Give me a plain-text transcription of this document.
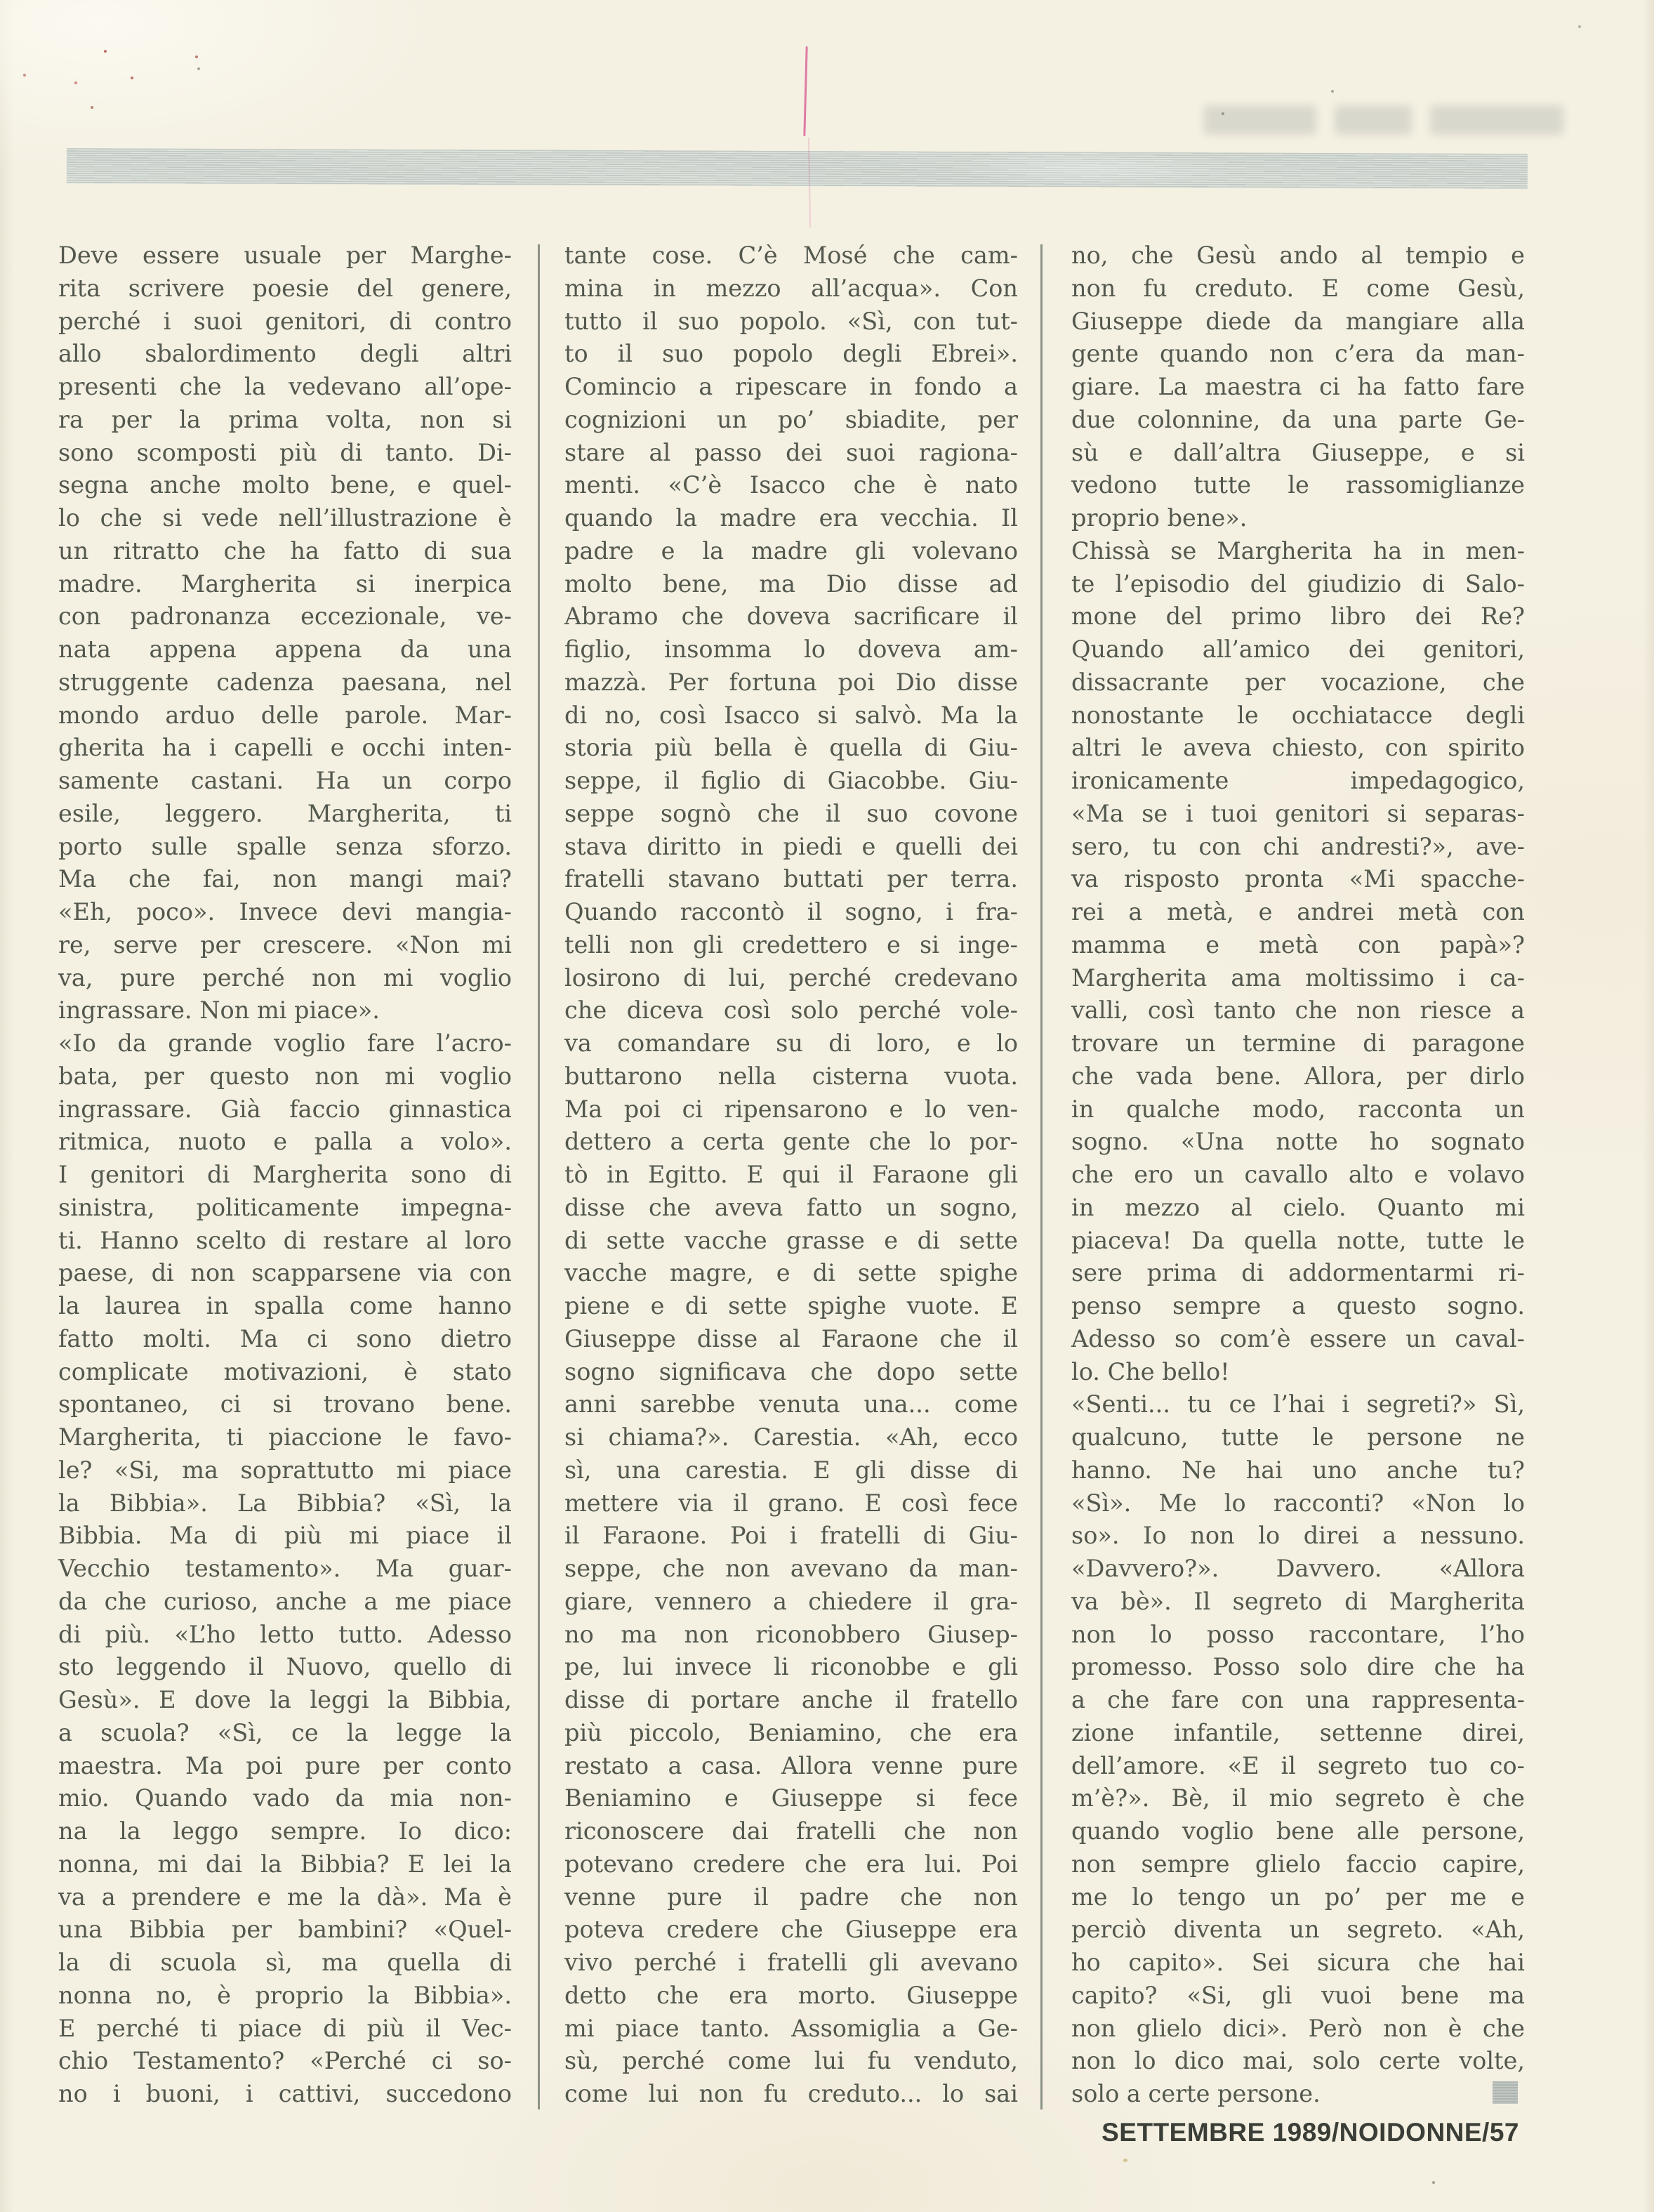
Deve essere usuale per Marghe-
rita scrivere poesie del genere,
perché i suoi genitori, di contro
allo sbalordimento degli altri
presenti che la vedevano all’ope-
ra per la prima volta, non si
sono scomposti più di tanto. Di-
segna anche molto bene, e quel-
lo che si vede nell’illustrazione è
un ritratto che ha fatto di sua
madre. Margherita si inerpica
con padronanza eccezionale, ve-
nata appena appena da una
struggente cadenza paesana, nel
mondo arduo delle parole. Mar-
gherita ha i capelli e occhi inten-
samente castani. Ha un corpo
esile, leggero. Margherita, ti
porto sulle spalle senza sforzo.
Ma che fai, non mangi mai?
«Eh, poco». Invece devi mangia-
re, serve per crescere. «Non mi
va, pure perché non mi voglio
ingrassare. Non mi piace».
«Io da grande voglio fare l’acro-
bata, per questo non mi voglio
ingrassare. Già faccio ginnastica
ritmica, nuoto e palla a volo».
I genitori di Margherita sono di
sinistra, politicamente impegna-
ti. Hanno scelto di restare al loro
paese, di non scapparsene via con
la laurea in spalla come hanno
fatto molti. Ma ci sono dietro
complicate motivazioni, è stato
spontaneo, ci si trovano bene.
Margherita, ti piaccione le favo-
le? «Si, ma soprattutto mi piace
la Bibbia». La Bibbia? «Sì, la
Bibbia. Ma di più mi piace il
Vecchio testamento». Ma guar-
da che curioso, anche a me piace
di più. «L’ho letto tutto. Adesso
sto leggendo il Nuovo, quello di
Gesù». E dove la leggi la Bibbia,
a scuola? «Sì, ce la legge la
maestra. Ma poi pure per conto
mio. Quando vado da mia non-
na la leggo sempre. Io dico:
nonna, mi dai la Bibbia? E lei la
va a prendere e me la dà». Ma è
una Bibbia per bambini? «Quel-
la di scuola sì, ma quella di
nonna no, è proprio la Bibbia».
E perché ti piace di più il Vec-
chio Testamento? «Perché ci so-
no i buoni, i cattivi, succedono
tante cose. C’è Mosé che cam-
mina in mezzo all’acqua». Con
tutto il suo popolo. «Sì, con tut-
to il suo popolo degli Ebrei».
Comincio a ripescare in fondo a
cognizioni un po’ sbiadite, per
stare al passo dei suoi ragiona-
menti. «C’è Isacco che è nato
quando la madre era vecchia. Il
padre e la madre gli volevano
molto bene, ma Dio disse ad
Abramo che doveva sacrificare il
figlio, insomma lo doveva am-
mazzà. Per fortuna poi Dio disse
di no, così Isacco si salvò. Ma la
storia più bella è quella di Giu-
seppe, il figlio di Giacobbe. Giu-
seppe sognò che il suo covone
stava diritto in piedi e quelli dei
fratelli stavano buttati per terra.
Quando raccontò il sogno, i fra-
telli non gli credettero e si inge-
losirono di lui, perché credevano
che diceva così solo perché vole-
va comandare su di loro, e lo
buttarono nella cisterna vuota.
Ma poi ci ripensarono e lo ven-
dettero a certa gente che lo por-
tò in Egitto. E qui il Faraone gli
disse che aveva fatto un sogno,
di sette vacche grasse e di sette
vacche magre, e di sette spighe
piene e di sette spighe vuote. E
Giuseppe disse al Faraone che il
sogno significava che dopo sette
anni sarebbe venuta una... come
si chiama?». Carestia. «Ah, ecco
sì, una carestia. E gli disse di
mettere via il grano. E così fece
il Faraone. Poi i fratelli di Giu-
seppe, che non avevano da man-
giare, vennero a chiedere il gra-
no ma non riconobbero Giusep-
pe, lui invece li riconobbe e gli
disse di portare anche il fratello
più piccolo, Beniamino, che era
restato a casa. Allora venne pure
Beniamino e Giuseppe si fece
riconoscere dai fratelli che non
potevano credere che era lui. Poi
venne pure il padre che non
poteva credere che Giuseppe era
vivo perché i fratelli gli avevano
detto che era morto. Giuseppe
mi piace tanto. Assomiglia a Ge-
sù, perché come lui fu venduto,
come lui non fu creduto... lo sai
no, che Gesù ando al tempio e
non fu creduto. E come Gesù,
Giuseppe diede da mangiare alla
gente quando non c’era da man-
giare. La maestra ci ha fatto fare
due colonnine, da una parte Ge-
sù e dall’altra Giuseppe, e si
vedono tutte le rassomiglianze
proprio bene».
Chissà se Margherita ha in men-
te l’episodio del giudizio di Salo-
mone del primo libro dei Re?
Quando all’amico dei genitori,
dissacrante per vocazione, che
nonostante le occhiatacce degli
altri le aveva chiesto, con spirito
ironicamente impedagogico,
«Ma se i tuoi genitori si separas-
sero, tu con chi andresti?», ave-
va risposto pronta «Mi spacche-
rei a metà, e andrei metà con
mamma e metà con papà»?
Margherita ama moltissimo i ca-
valli, così tanto che non riesce a
trovare un termine di paragone
che vada bene. Allora, per dirlo
in qualche modo, racconta un
sogno. «Una notte ho sognato
che ero un cavallo alto e volavo
in mezzo al cielo. Quanto mi
piaceva! Da quella notte, tutte le
sere prima di addormentarmi ri-
penso sempre a questo sogno.
Adesso so com’è essere un caval-
lo. Che bello!
«Senti... tu ce l’hai i segreti?» Sì,
qualcuno, tutte le persone ne
hanno. Ne hai uno anche tu?
«Sì». Me lo racconti? «Non lo
so». Io non lo direi a nessuno.
«Davvero?». Davvero. «Allora
va bè». Il segreto di Margherita
non lo posso raccontare, l’ho
promesso. Posso solo dire che ha
a che fare con una rappresenta-
zione infantile, settenne direi,
dell’amore. «E il segreto tuo co-
m’è?». Bè, il mio segreto è che
quando voglio bene alle persone,
non sempre glielo faccio capire,
me lo tengo un po’ per me e
perciò diventa un segreto. «Ah,
ho capito». Sei sicura che hai
capito? «Si, gli vuoi bene ma
non glielo dici». Però non è che
non lo dico mai, solo certe volte,
solo a certe persone.
SETTEMBRE 1989/NOIDONNE/57
